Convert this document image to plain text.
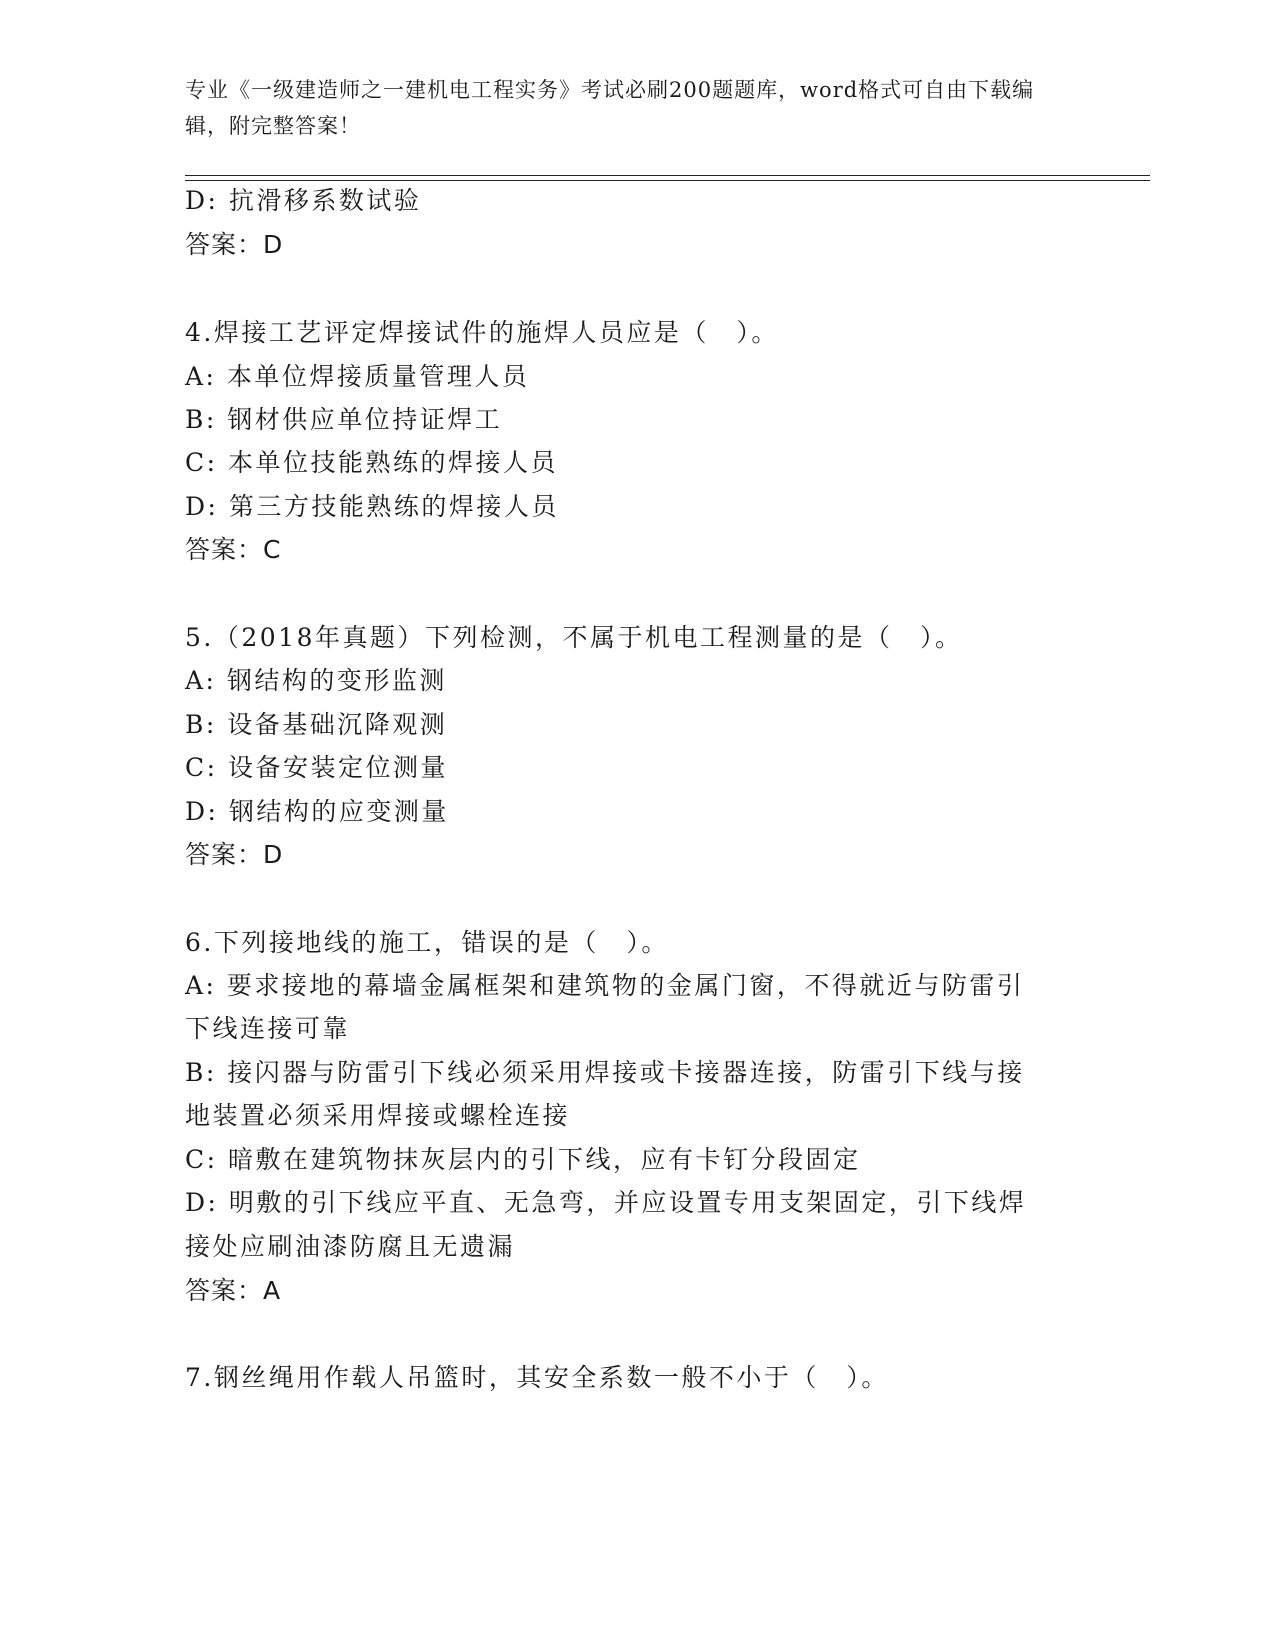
专业《一级建造师之一建机电工程实务》考试必刷200题题库，word格式可自由下载编辑，附完整答案！
D: 抗滑移系数试验
答案：D
4.焊接工艺评定焊接试件的施焊人员应是（　）。
A: 本单位焊接质量管理人员
B: 钢材供应单位持证焊工
C: 本单位技能熟练的焊接人员
D: 第三方技能熟练的焊接人员
答案：C
5.（2018年真题）下列检测，不属于机电工程测量的是（　）。
A: 钢结构的变形监测
B: 设备基础沉降观测
C: 设备安装定位测量
D: 钢结构的应变测量
答案：D
6.下列接地线的施工，错误的是（　）。
A: 要求接地的幕墙金属框架和建筑物的金属门窗，不得就近与防雷引
下线连接可靠
B: 接闪器与防雷引下线必须采用焊接或卡接器连接，防雷引下线与接
地装置必须采用焊接或螺栓连接
C: 暗敷在建筑物抹灰层内的引下线，应有卡钉分段固定
D: 明敷的引下线应平直、无急弯，并应设置专用支架固定，引下线焊
接处应刷油漆防腐且无遗漏
答案：A
7.钢丝绳用作载人吊篮时，其安全系数一般不小于（　）。
